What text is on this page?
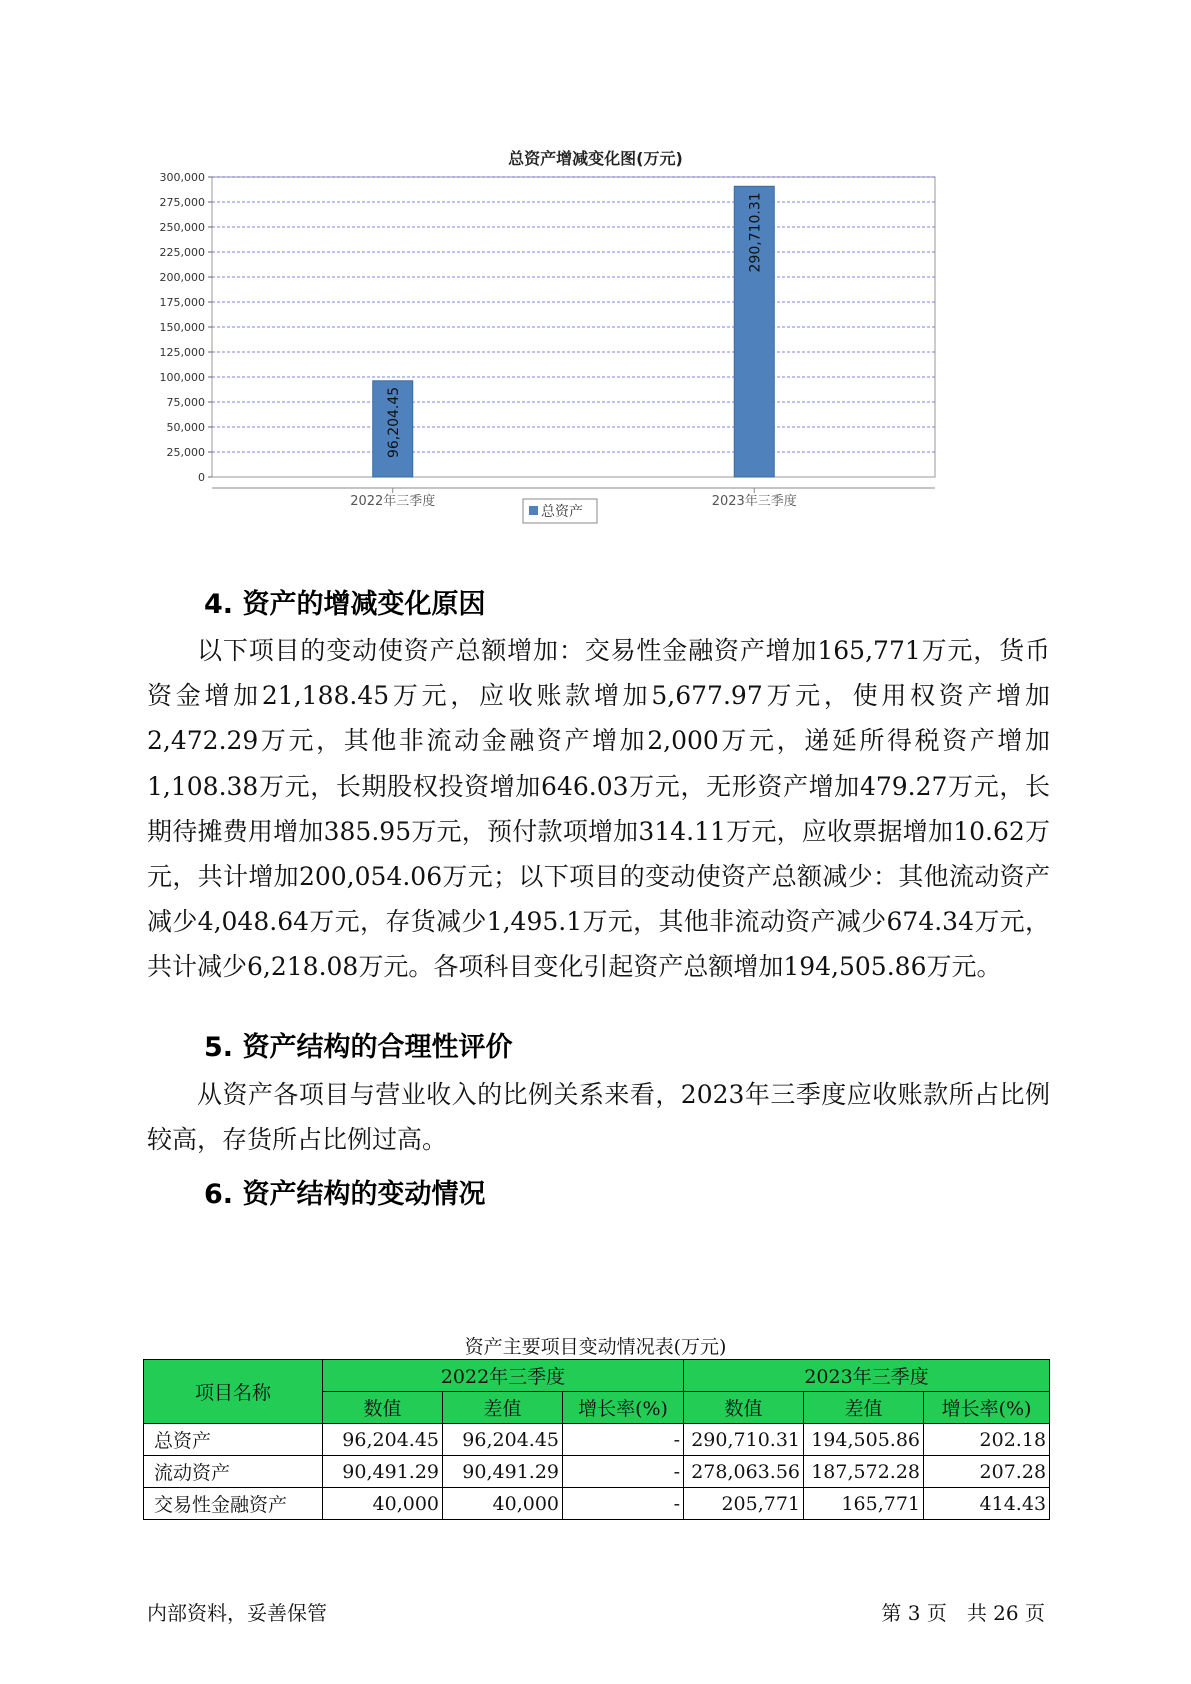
总资产增减变化图(万元)
0
25,000
50,000
75,000
100,000
125,000
150,000
175,000
200,000
225,000
250,000
275,000
300,000
96,204.45
2022年三季度
290,710.31
2023年三季度
总资产
4. 资产的增减变化原因

以下项目的变动使资产总额增加：交易性金融资产增加165,771万元，货币资金增加21,188.45万元，应收账款增加5,677.97万元，使用权资产增加2,472.29万元，其他非流动金融资产增加2,000万元，递延所得税资产增加1,108.38万元，长期股权投资增加646.03万元，无形资产增加479.27万元，长期待摊费用增加385.95万元，预付款项增加314.11万元，应收票据增加10.62万元，共计增加200,054.06万元；以下项目的变动使资产总额减少：其他流动资产减少4,048.64万元，存货减少1,495.1万元，其他非流动资产减少674.34万元，共计减少6,218.08万元。各项科目变化引起资产总额增加194,505.86万元。

5. 资产结构的合理性评价

从资产各项目与营业收入的比例关系来看，2023年三季度应收账款所占比例较高，存货所占比例过高。

6. 资产结构的变动情况
资产主要项目变动情况表(万元)
项目名称	2022年三季度			2023年三季度		
	数值	差值	增长率(%)	数值	差值	增长率(%)
总资产	96,204.45	96,204.45	-	290,710.31	194,505.86	202.18
流动资产	90,491.29	90,491.29	-	278,063.56	187,572.28	207.28
交易性金融资产	40,000	40,000	-	205,771	165,771	414.43
内部资料，妥善保管	第 3 页　共 26 页
